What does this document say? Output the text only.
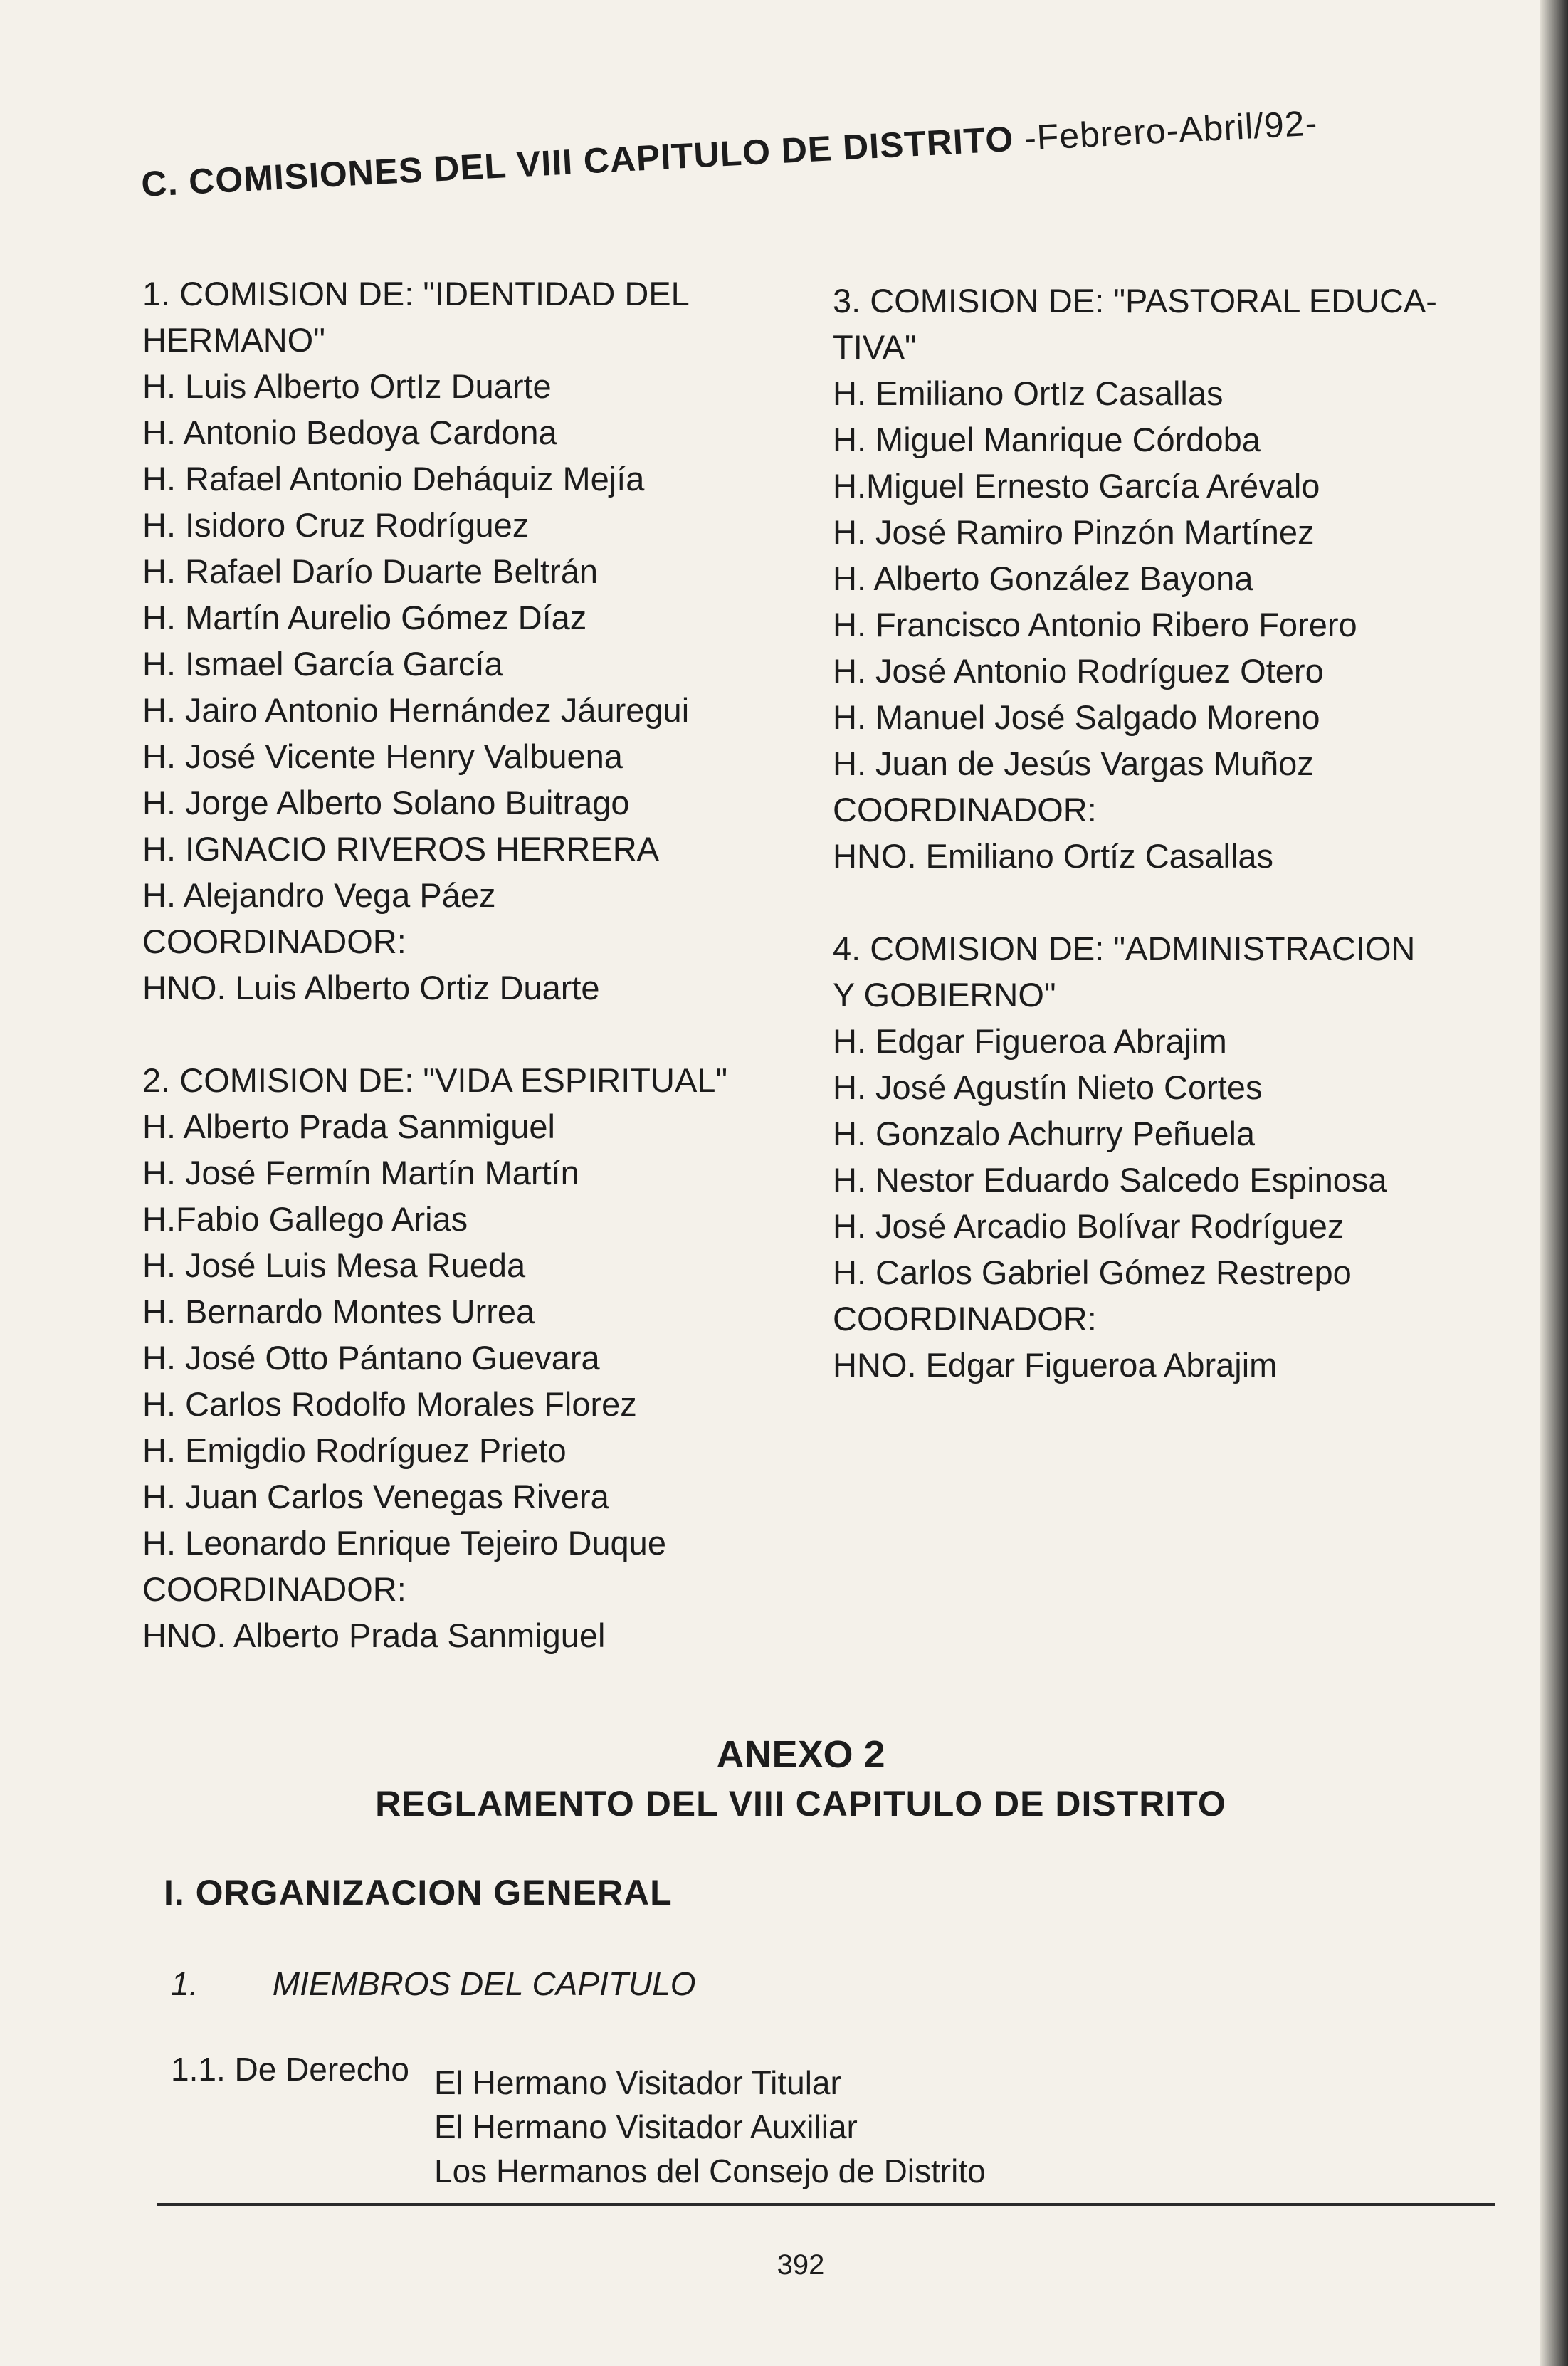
C. COMISIONES DEL VIII CAPITULO DE DISTRITO -Febrero-Abril/92-
1. COMISION DE: "IDENTIDAD DEL
HERMANO"
H. Luis Alberto OrtIz Duarte
H. Antonio Bedoya Cardona
H. Rafael Antonio Deháquiz Mejía
H. Isidoro Cruz Rodríguez
H. Rafael Darío Duarte Beltrán
H. Martín Aurelio Gómez Díaz
H. Ismael García García
H. Jairo Antonio Hernández Jáuregui
H. José Vicente Henry Valbuena
H. Jorge Alberto Solano Buitrago
H. IGNACIO RIVEROS HERRERA
H. Alejandro Vega Páez
COORDINADOR:
HNO. Luis Alberto Ortiz Duarte
2. COMISION DE: "VIDA ESPIRITUAL"
H. Alberto Prada Sanmiguel
H. José Fermín Martín Martín
H.Fabio Gallego Arias
H. José Luis Mesa Rueda
H. Bernardo Montes Urrea
H. José Otto Pántano Guevara
H. Carlos Rodolfo Morales Florez
H. Emigdio Rodríguez Prieto
H. Juan Carlos Venegas Rivera
H. Leonardo Enrique Tejeiro Duque
COORDINADOR:
HNO. Alberto Prada Sanmiguel
3. COMISION DE: "PASTORAL EDUCA-
TIVA"
H. Emiliano OrtIz Casallas
H. Miguel Manrique Córdoba
H.Miguel Ernesto García Arévalo
H. José Ramiro Pinzón Martínez
H. Alberto González Bayona
H. Francisco Antonio Ribero Forero
H. José Antonio Rodríguez Otero
H. Manuel José Salgado Moreno
H. Juan de Jesús Vargas Muñoz
COORDINADOR:
HNO. Emiliano Ortíz Casallas
4. COMISION DE: "ADMINISTRACION
Y GOBIERNO"
H. Edgar Figueroa Abrajim
H. José Agustín Nieto Cortes
H. Gonzalo Achurry Peñuela
H. Nestor Eduardo Salcedo Espinosa
H. José Arcadio Bolívar Rodríguez
H. Carlos Gabriel Gómez Restrepo
COORDINADOR:
HNO. Edgar Figueroa Abrajim
ANEXO 2
REGLAMENTO DEL VIII CAPITULO DE DISTRITO
I. ORGANIZACION GENERAL
1. MIEMBROS DEL CAPITULO
1.1. De Derecho El Hermano Visitador Titular
El Hermano Visitador Auxiliar
Los Hermanos del Consejo de Distrito
392
